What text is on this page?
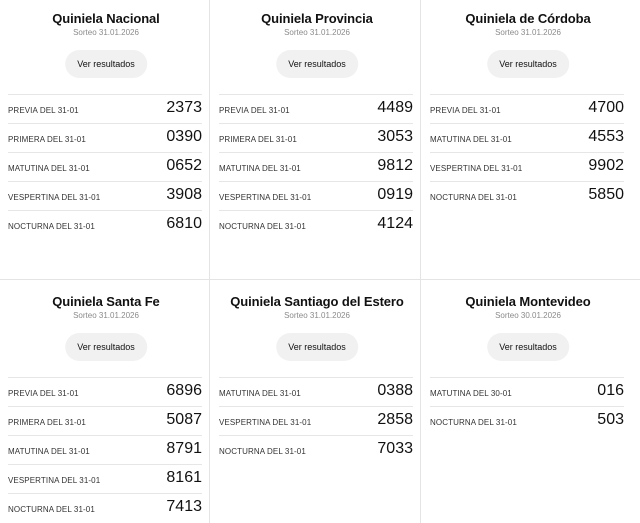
Quiniela Nacional
Sorteo 31.01.2026
Ver resultados
PREVIA DEL 31-01	2373
PRIMERA DEL 31-01	0390
MATUTINA DEL 31-01	0652
VESPERTINA DEL 31-01	3908
NOCTURNA DEL 31-01	6810
Quiniela Provincia
Sorteo 31.01.2026
Ver resultados
PREVIA DEL 31-01	4489
PRIMERA DEL 31-01	3053
MATUTINA DEL 31-01	9812
VESPERTINA DEL 31-01	0919
NOCTURNA DEL 31-01	4124
Quiniela de Córdoba
Sorteo 31.01.2026
Ver resultados
PREVIA DEL 31-01	4700
MATUTINA DEL 31-01	4553
VESPERTINA DEL 31-01	9902
NOCTURNA DEL 31-01	5850
Quiniela Santa Fe
Sorteo 31.01.2026
Ver resultados
PREVIA DEL 31-01	6896
PRIMERA DEL 31-01	5087
MATUTINA DEL 31-01	8791
VESPERTINA DEL 31-01	8161
NOCTURNA DEL 31-01	7413
Quiniela Santiago del Estero
Sorteo 31.01.2026
Ver resultados
MATUTINA DEL 31-01	0388
VESPERTINA DEL 31-01	2858
NOCTURNA DEL 31-01	7033
Quiniela Montevideo
Sorteo 30.01.2026
Ver resultados
MATUTINA DEL 30-01	016
NOCTURNA DEL 31-01	503
